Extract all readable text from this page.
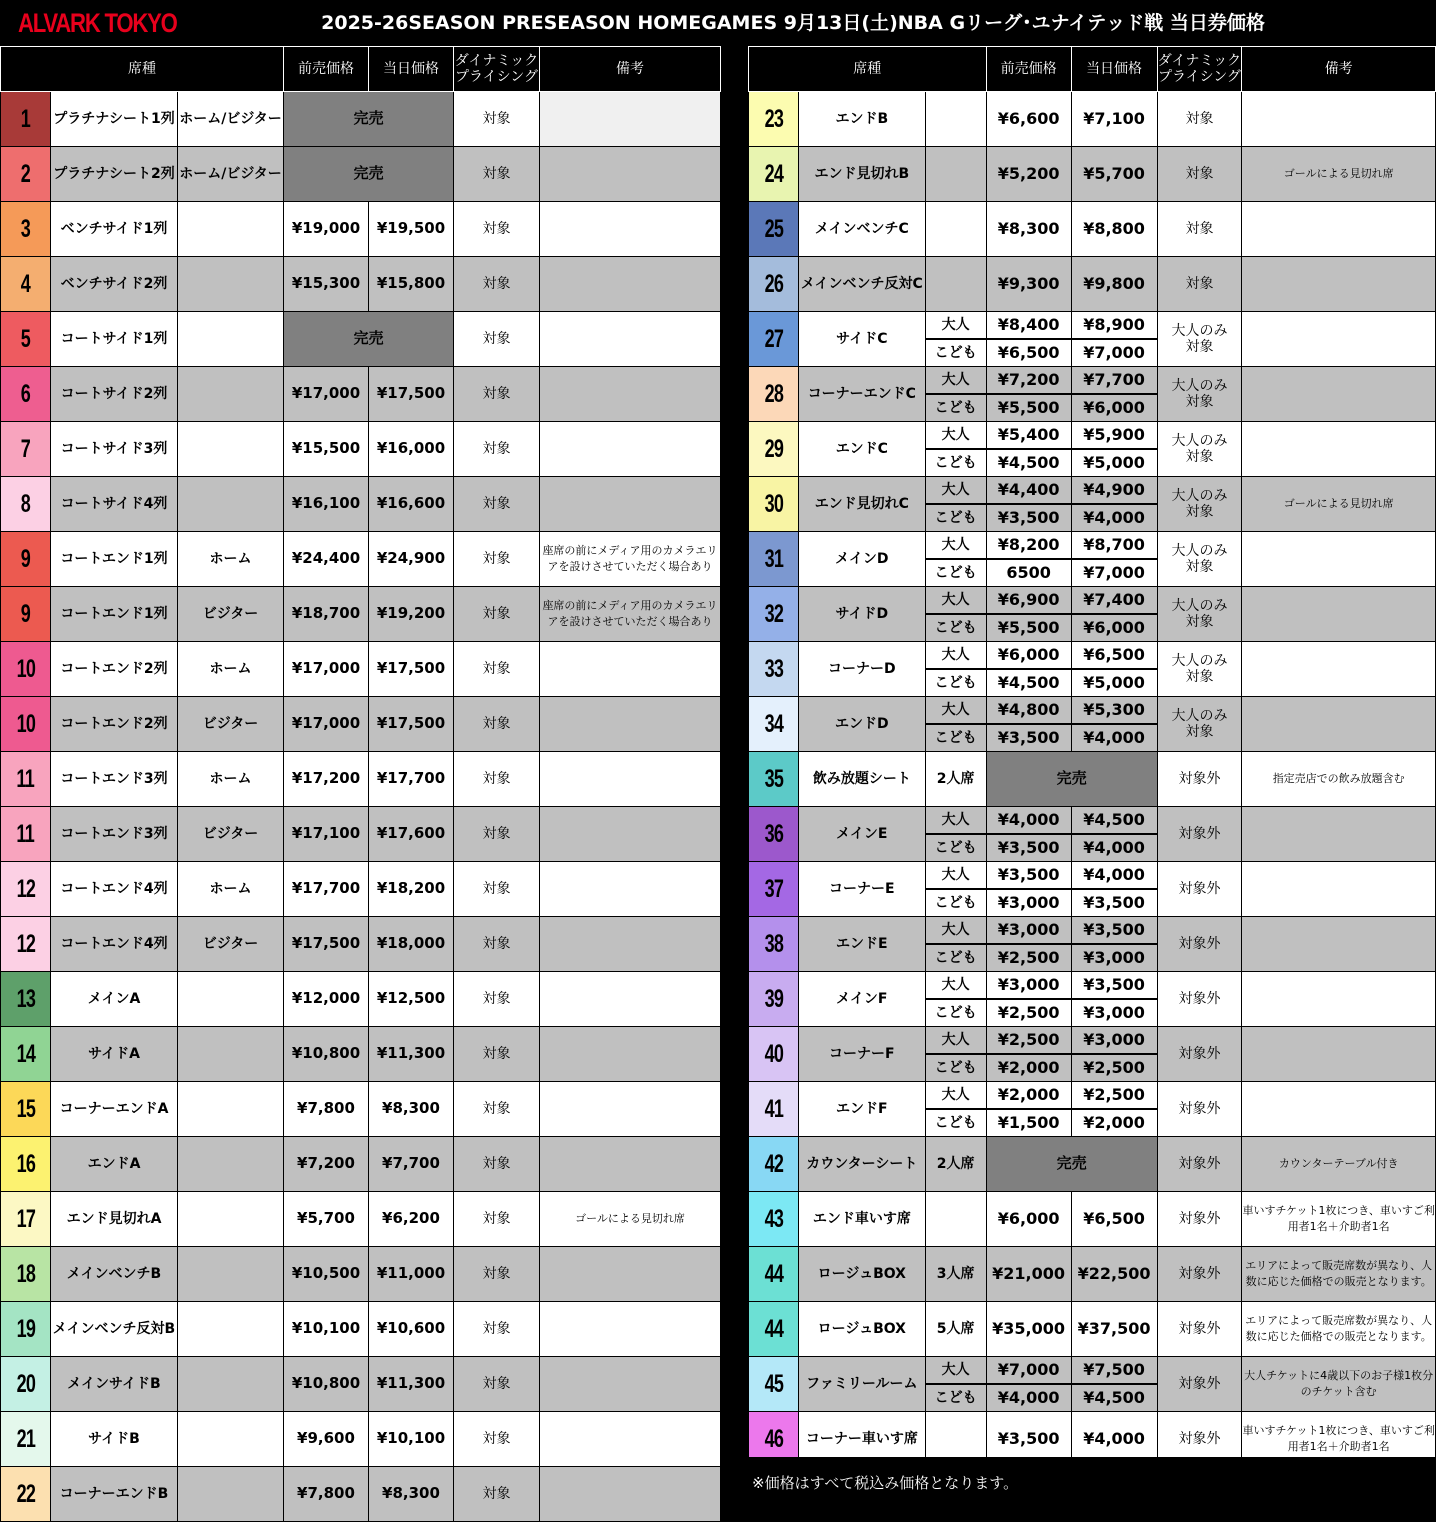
ALVARK TOKYO	2025-26SEASON PRESEASON HOMEGAMES 9月13日(土)NBA Gリーグ･ユナイテッド戦 当日券価格
席種			前売価格	当日価格	ダイナミック
プライシング	備考
1	プラチナシート1列	ホーム/ビジター	完売		対象	
2	プラチナシート2列	ホーム/ビジター	完売		対象	
3	ベンチサイド1列		¥19,000	¥19,500	対象	
4	ベンチサイド2列		¥15,300	¥15,800	対象	
5	コートサイド1列		完売		対象	
6	コートサイド2列		¥17,000	¥17,500	対象	
7	コートサイド3列		¥15,500	¥16,000	対象	
8	コートサイド4列		¥16,100	¥16,600	対象	
9	コートエンド1列	ホーム	¥24,400	¥24,900	対象	座席の前にメディア用のカメラエリアを設けさせていただく場合あり
9	コートエンド1列	ビジター	¥18,700	¥19,200	対象	座席の前にメディア用のカメラエリアを設けさせていただく場合あり
10	コートエンド2列	ホーム	¥17,000	¥17,500	対象	
10	コートエンド2列	ビジター	¥17,000	¥17,500	対象	
11	コートエンド3列	ホーム	¥17,200	¥17,700	対象	
11	コートエンド3列	ビジター	¥17,100	¥17,600	対象	
12	コートエンド4列	ホーム	¥17,700	¥18,200	対象	
12	コートエンド4列	ビジター	¥17,500	¥18,000	対象	
13	メインA		¥12,000	¥12,500	対象	
14	サイドA		¥10,800	¥11,300	対象	
15	コーナーエンドA		¥7,800	¥8,300	対象	
16	エンドA		¥7,200	¥7,700	対象	
17	エンド見切れA		¥5,700	¥6,200	対象	ゴールによる見切れ席
18	メインベンチB		¥10,500	¥11,000	対象	
19	メインベンチ反対B		¥10,100	¥10,600	対象	
20	メインサイドB		¥10,800	¥11,300	対象	
21	サイドB		¥9,600	¥10,100	対象	
22	コーナーエンドB		¥7,800	¥8,300	対象	
席種			前売価格	当日価格	ダイナミック
プライシング	備考
23	エンドB		¥6,600	¥7,100	対象	
24	エンド見切れB		¥5,200	¥5,700	対象	ゴールによる見切れ席
25	メインベンチC		¥8,300	¥8,800	対象	
26	メインベンチ反対C		¥9,300	¥9,800	対象	
27	サイドC	大人	¥8,400	¥8,900	大人のみ
対象	
		こども	¥6,500	¥7,000		
28	コーナーエンドC	大人	¥7,200	¥7,700	大人のみ
対象	
		こども	¥5,500	¥6,000		
29	エンドC	大人	¥5,400	¥5,900	大人のみ
対象	
		こども	¥4,500	¥5,000		
30	エンド見切れC	大人	¥4,400	¥4,900	大人のみ
対象	ゴールによる見切れ席
		こども	¥3,500	¥4,000		
31	メインD	大人	¥8,200	¥8,700	大人のみ
対象	
		こども	6500	¥7,000		
32	サイドD	大人	¥6,900	¥7,400	大人のみ
対象	
		こども	¥5,500	¥6,000		
33	コーナーD	大人	¥6,000	¥6,500	大人のみ
対象	
		こども	¥4,500	¥5,000		
34	エンドD	大人	¥4,800	¥5,300	大人のみ
対象	
		こども	¥3,500	¥4,000		
35	飲み放題シート	2人席	完売		対象外	指定売店での飲み放題含む
36	メインE	大人	¥4,000	¥4,500	対象外	
		こども	¥3,500	¥4,000		
37	コーナーE	大人	¥3,500	¥4,000	対象外	
		こども	¥3,000	¥3,500		
38	エンドE	大人	¥3,000	¥3,500	対象外	
		こども	¥2,500	¥3,000		
39	メインF	大人	¥3,000	¥3,500	対象外	
		こども	¥2,500	¥3,000		
40	コーナーF	大人	¥2,500	¥3,000	対象外	
		こども	¥2,000	¥2,500		
41	エンドF	大人	¥2,000	¥2,500	対象外	
		こども	¥1,500	¥2,000		
42	カウンターシート	2人席	完売		対象外	カウンターテーブル付き
43	エンド車いす席		¥6,000	¥6,500	対象外	車いすチケット1枚につき、車いすご利用者1名＋介助者1名
44	ロージュBOX	3人席	¥21,000	¥22,500	対象外	エリアによって販売席数が異なり、人数に応じた価格での販売となります。
44	ロージュBOX	5人席	¥35,000	¥37,500	対象外	エリアによって販売席数が異なり、人数に応じた価格での販売となります。
45	ファミリールーム	大人	¥7,000	¥7,500	対象外	大人チケットに4歳以下のお子様1枚分のチケット含む
		こども	¥4,000	¥4,500		
46	コーナー車いす席		¥3,500	¥4,000	対象外	車いすチケット1枚につき、車いすご利用者1名＋介助者1名
※価格はすべて税込み価格となります。
